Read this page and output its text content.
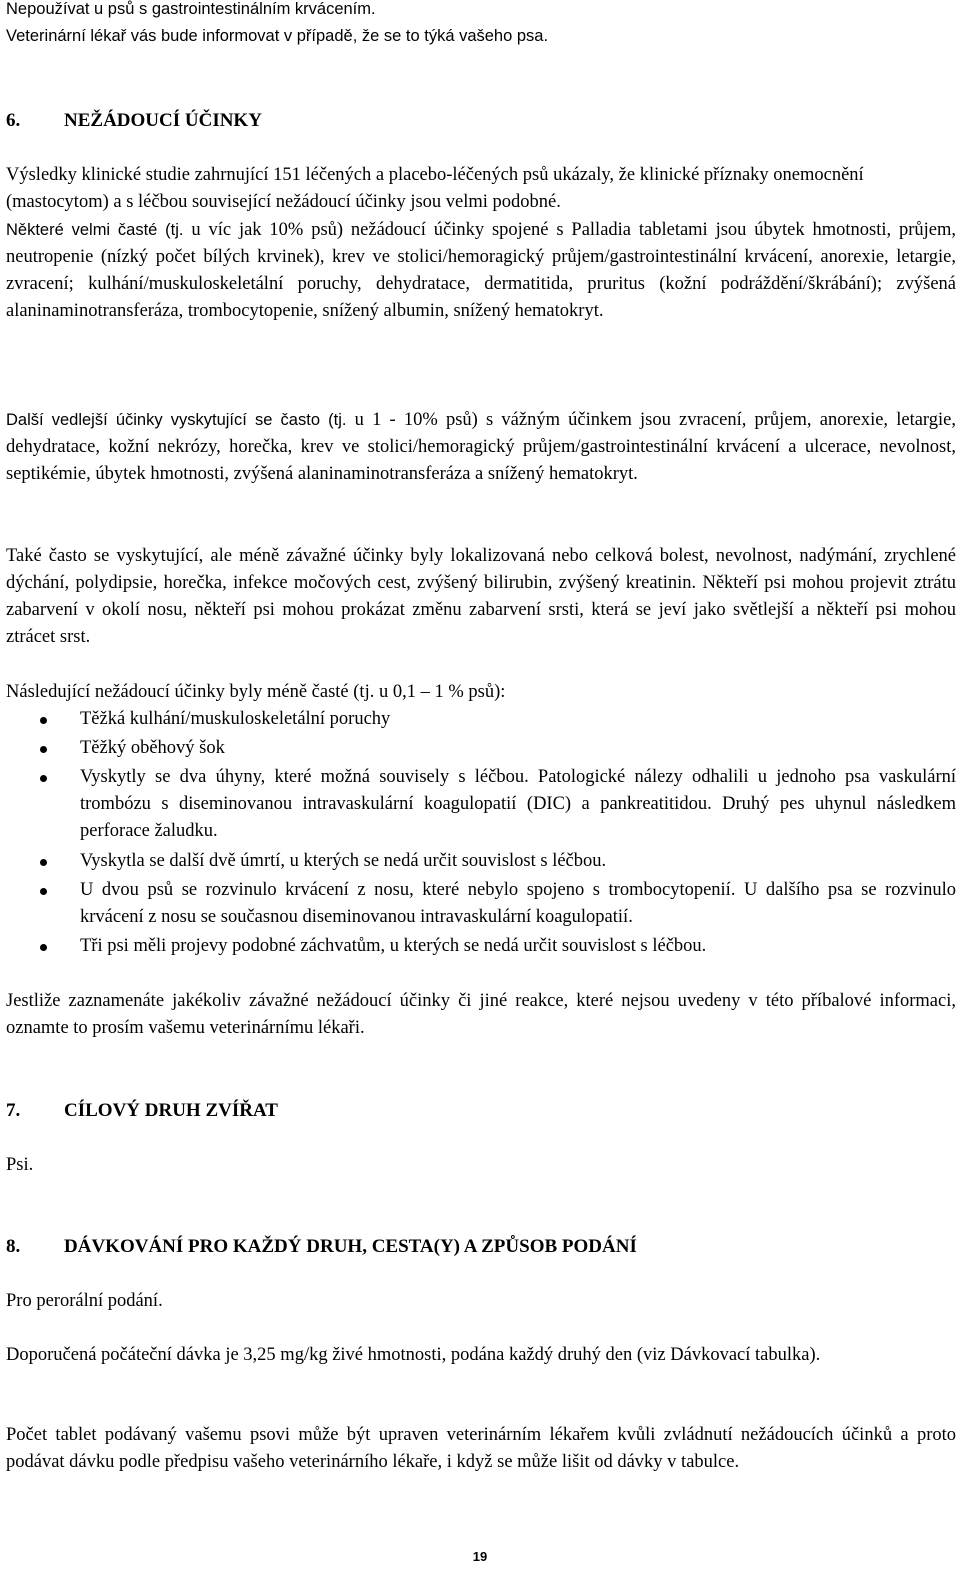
Nepoužívat u psů s gastrointestinálním krvácením.
Veterinární lékař vás bude informovat v případě, že se to týká vašeho psa.
6. NEŽÁDOUCÍ ÚČINKY

Výsledky klinické studie zahrnující 151 léčených a placebo-léčených psů ukázaly, že klinické příznaky onemocnění (mastocytom) a s léčbou související nežádoucí účinky jsou velmi podobné.

Některé velmi časté (tj. u víc jak 10% psů) nežádoucí účinky spojené s Palladia tabletami jsou úbytek hmotnosti, průjem, neutropenie (nízký počet bílých krvinek), krev ve stolici/hemoragický průjem/gastrointestinální krvácení, anorexie, letargie, zvracení; kulhání/muskuloskeletální poruchy, dehydratace, dermatitida, pruritus (kožní podráždění/škrábání); zvýšená alaninaminotransferáza, trombocytopenie, snížený albumin, snížený hematokryt.

Další vedlejší účinky vyskytující se často (tj. u 1 - 10% psů) s vážným účinkem jsou zvracení, průjem, anorexie, letargie, dehydratace, kožní nekrózy, horečka, krev ve stolici/hemoragický průjem/gastrointestinální krvácení a ulcerace, nevolnost, septikémie, úbytek hmotnosti, zvýšená alaninaminotransferáza a snížený hematokryt.

Také často se vyskytující, ale méně závažné účinky byly lokalizovaná nebo celková bolest, nevolnost, nadýmání, zrychlené dýchání, polydipsie, horečka, infekce močových cest, zvýšený bilirubin, zvýšený kreatinin. Někteří psi mohou projevit ztrátu zabarvení v okolí nosu, někteří psi mohou prokázat změnu zabarvení srsti, která se jeví jako světlejší a někteří psi mohou ztrácet srst.

Následující nežádoucí účinky byly méně časté (tj. u 0,1 – 1 % psů):

Těžká kulhání/muskuloskeletální poruchy
Těžký oběhový šok
Vyskytly se dva úhyny, které možná souvisely s léčbou. Patologické nálezy odhalili u jednoho psa vaskulární trombózu s diseminovanou intravaskulární koagulopatií (DIC) a pankreatitidou. Druhý pes uhynul následkem perforace žaludku.
Vyskytla se další dvě úmrtí, u kterých se nedá určit souvislost s léčbou.
U dvou psů se rozvinulo krvácení z nosu, které nebylo spojeno s trombocytopenií. U dalšího psa se rozvinulo krvácení z nosu se současnou diseminovanou intravaskulární koagulopatií.
Tři psi měli projevy podobné záchvatům, u kterých se nedá určit souvislost s léčbou.

Jestliže zaznamenáte jakékoliv závažné nežádoucí účinky či jiné reakce, které nejsou uvedeny v této příbalové informaci, oznamte to prosím vašemu veterinárnímu lékaři.

7. CÍLOVÝ DRUH ZVÍŘAT

Psi.

8. DÁVKOVÁNÍ PRO KAŽDÝ DRUH, CESTA(Y) A ZPŮSOB PODÁNÍ

Pro perorální podání.

Doporučená počáteční dávka je 3,25 mg/kg živé hmotnosti, podána každý druhý den (viz Dávkovací tabulka).

Počet tablet podávaný vašemu psovi může být upraven veterinárním lékařem kvůli zvládnutí nežádoucích účinků a proto podávat dávku podle předpisu vašeho veterinárního lékaře, i když se může lišit od dávky v tabulce.

19
